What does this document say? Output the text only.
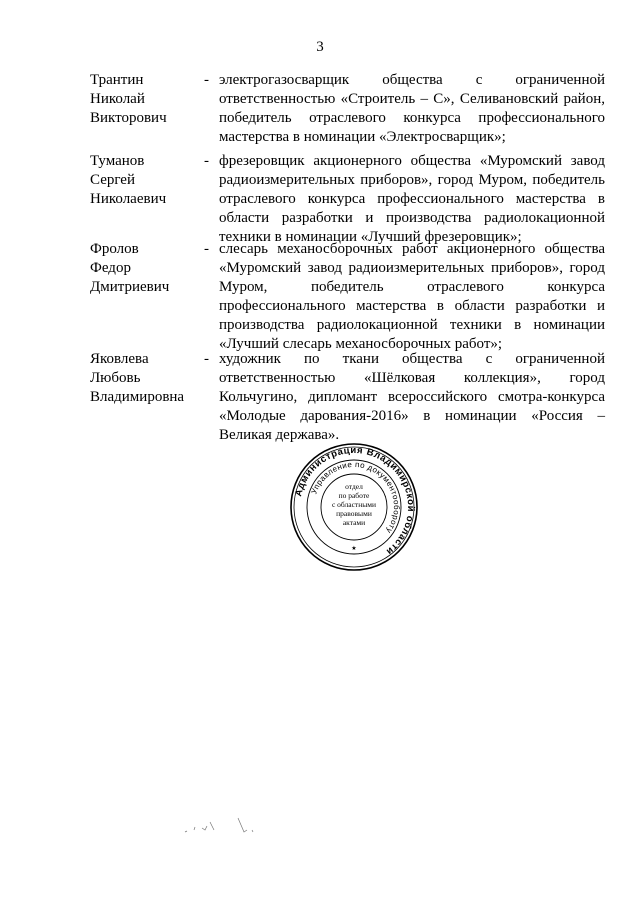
3
Трантин
Николай
Викторович
- электрогазосварщик общества с ограниченной ответственностью «Строитель – С», Селивановский район, победитель отраслевого конкурса профессионального мастерства в номинации «Электросварщик»;
Туманов
Сергей
Николаевич
- фрезеровщик акционерного общества «Муромский завод радиоизмерительных приборов», город Муром, победитель отраслевого конкурса профессионального мастерства в области разработки и производства радиолокационной техники в номинации «Лучший фрезеровщик»;
Фролов
Федор
Дмитриевич
- слесарь механосборочных работ акционерного общества «Муромский завод радиоизмерительных приборов», город Муром, победитель отраслевого конкурса профессионального мастерства в области разработки и производства радиолокационной техники в номинации «Лучший слесарь механосборочных работ»;
Яковлева
Любовь
Владимировна
- художник по ткани общества с ограниченной ответственностью «Шёлковая коллекция», город Кольчугино, дипломант всероссийского смотра-конкурса «Молодые дарования-2016» в номинации «Россия – Великая держава».
Администрация Владимирской области
Управление по документообороту
отдел
по работе
с областными
правовыми
актами
★
